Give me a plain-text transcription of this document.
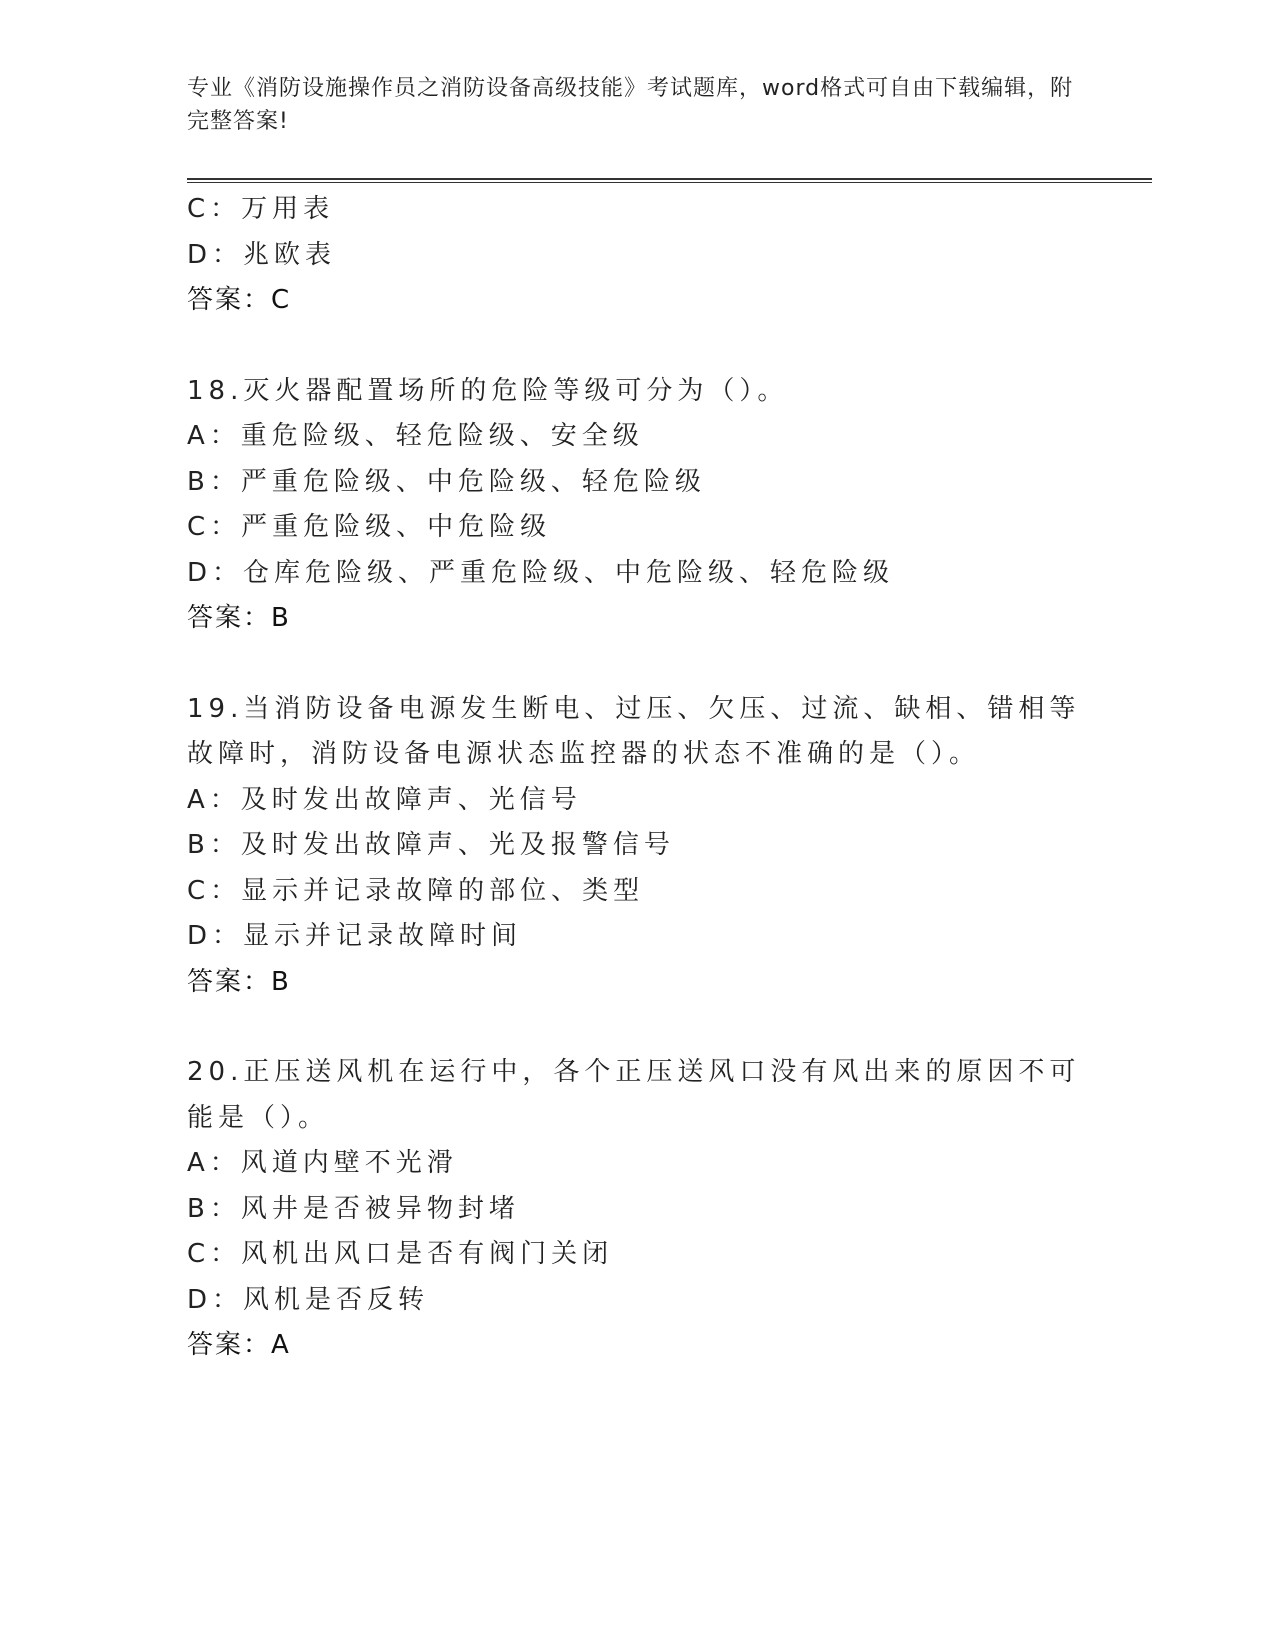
专业《消防设施操作员之消防设备高级技能》考试题库，word格式可自由下载编辑，附完整答案!
C：万用表
D：兆欧表
答案：C
18.灭火器配置场所的危险等级可分为（）。
A：重危险级、轻危险级、安全级
B：严重危险级、中危险级、轻危险级
C：严重危险级、中危险级
D：仓库危险级、严重危险级、中危险级、轻危险级
答案：B
19.当消防设备电源发生断电、过压、欠压、过流、缺相、错相等故障时，消防设备电源状态监控器的状态不准确的是（）。
A：及时发出故障声、光信号
B：及时发出故障声、光及报警信号
C：显示并记录故障的部位、类型
D：显示并记录故障时间
答案：B
20.正压送风机在运行中，各个正压送风口没有风出来的原因不可能是（）。
A：风道内壁不光滑
B：风井是否被异物封堵
C：风机出风口是否有阀门关闭
D：风机是否反转
答案：A
